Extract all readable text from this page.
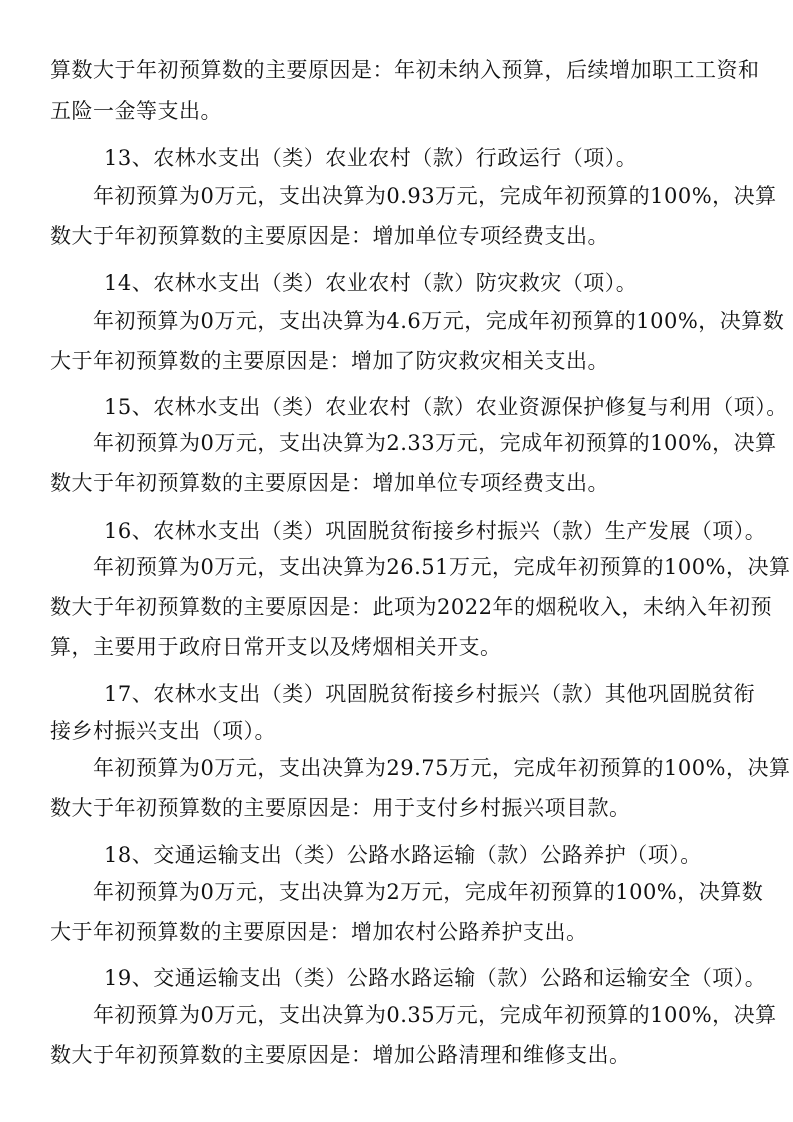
算数大于年初预算数的主要原因是：年初未纳入预算，后续增加职工工资和
五险一金等支出。
13、农林水支出（类）农业农村（款）行政运行（项）。
年初预算为0万元，支出决算为0.93万元，完成年初预算的100%，决算
数大于年初预算数的主要原因是：增加单位专项经费支出。
14、农林水支出（类）农业农村（款）防灾救灾（项）。
年初预算为0万元，支出决算为4.6万元，完成年初预算的100%，决算数
大于年初预算数的主要原因是：增加了防灾救灾相关支出。
15、农林水支出（类）农业农村（款）农业资源保护修复与利用（项）。
年初预算为0万元，支出决算为2.33万元，完成年初预算的100%，决算
数大于年初预算数的主要原因是：增加单位专项经费支出。
16、农林水支出（类）巩固脱贫衔接乡村振兴（款）生产发展（项）。
年初预算为0万元，支出决算为26.51万元，完成年初预算的100%，决算
数大于年初预算数的主要原因是：此项为2022年的烟税收入，未纳入年初预
算，主要用于政府日常开支以及烤烟相关开支。
17、农林水支出（类）巩固脱贫衔接乡村振兴（款）其他巩固脱贫衔
接乡村振兴支出（项）。
年初预算为0万元，支出决算为29.75万元，完成年初预算的100%，决算
数大于年初预算数的主要原因是：用于支付乡村振兴项目款。
18、交通运输支出（类）公路水路运输（款）公路养护（项）。
年初预算为0万元，支出决算为2万元，完成年初预算的100%，决算数
大于年初预算数的主要原因是：增加农村公路养护支出。
19、交通运输支出（类）公路水路运输（款）公路和运输安全（项）。
年初预算为0万元，支出决算为0.35万元，完成年初预算的100%，决算
数大于年初预算数的主要原因是：增加公路清理和维修支出。
